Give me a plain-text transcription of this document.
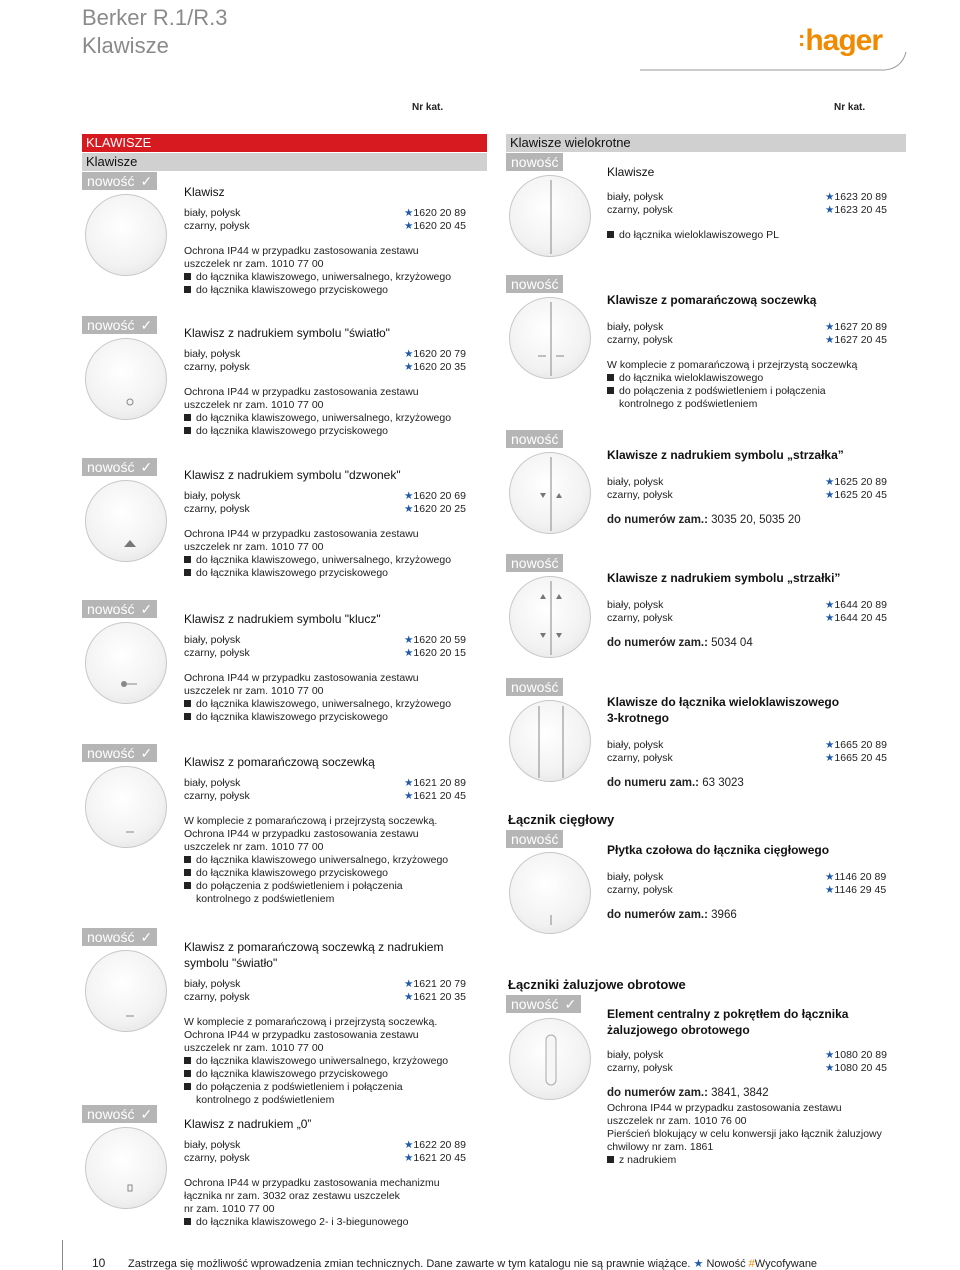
Berker R.1/R.3
Klawisze	:hager
Nr kat.	Nr kat.
10 Zastrzega się możliwość wprowadzenia zmian technicznych. Dane zawarte w tym katalogu nie są prawnie wiążące. ★ Nowość #Wycofywane
KLAWISZE
Klawisze
nowość ✓
Klawisz
biały, połysk	★1620 20 89
czarny, połysk	★1620 20 45
Ochrona IP44 w przypadku zastosowania zestawu
uszczelek nr zam. 1010 77 00
do łącznika klawiszowego, uniwersalnego, krzyżowego
do łącznika klawiszowego przyciskowego
nowość ✓	Klawisz z nadrukiem symbolu "światło"
biały, połysk	★1620 20 79
czarny, połysk	★1620 20 35
Ochrona IP44 w przypadku zastosowania zestawu
uszczelek nr zam. 1010 77 00
do łącznika klawiszowego, uniwersalnego, krzyżowego
do łącznika klawiszowego przyciskowego
nowość ✓	Klawisz z nadrukiem symbolu "dzwonek"
biały, połysk	★1620 20 69
czarny, połysk	★1620 20 25
Ochrona IP44 w przypadku zastosowania zestawu
uszczelek nr zam. 1010 77 00
do łącznika klawiszowego, uniwersalnego, krzyżowego
do łącznika klawiszowego przyciskowego
nowość ✓
Klawisz z nadrukiem symbolu "klucz"
biały, połysk	★1620 20 59
czarny, połysk	★1620 20 15
Ochrona IP44 w przypadku zastosowania zestawu
uszczelek nr zam. 1010 77 00
do łącznika klawiszowego, uniwersalnego, krzyżowego
do łącznika klawiszowego przyciskowego
nowość ✓
Klawisz z pomarańczową soczewką
biały, połysk	★1621 20 89
czarny, połysk	★1621 20 45
W komplecie z pomarańczową i przejrzystą soczewką.
Ochrona IP44 w przypadku zastosowania zestawu
uszczelek nr zam. 1010 77 00
do łącznika klawiszowego uniwersalnego, krzyżowego
do łącznika klawiszowego przyciskowego
do połączenia z podświetleniem i połączenia
kontrolnego z podświetleniem
nowość ✓
Klawisz z pomarańczową soczewką z nadrukiem
symbolu "światło"
biały, połysk	★1621 20 79
czarny, połysk	★1621 20 35
W komplecie z pomarańczową i przejrzystą soczewką.
Ochrona IP44 w przypadku zastosowania zestawu
uszczelek nr zam. 1010 77 00
do łącznika klawiszowego uniwersalnego, krzyżowego
do łącznika klawiszowego przyciskowego
do połączenia z podświetleniem i połączenia
kontrolnego z podświetleniem
nowość ✓
Klawisz z nadrukiem „0”
biały, połysk	★1622 20 89
czarny, połysk	★1621 20 45
Ochrona IP44 w przypadku zastosowania mechanizmu
łącznika nr zam. 3032 oraz zestawu uszczelek
nr zam. 1010 77 00
do łącznika klawiszowego 2- i 3-biegunowego
Klawisze wielokrotne
nowość
Klawisze
biały, połysk	★1623 20 89
czarny, połysk	★1623 20 45
do łącznika wieloklawiszowego PL
nowość
Klawisze z pomarańczową soczewką
biały, połysk	★1627 20 89
czarny, połysk	★1627 20 45
W komplecie z pomarańczową i przejrzystą soczewką
do łącznika wieloklawiszowego
do połączenia z podświetleniem i połączenia
kontrolnego z podświetleniem
nowość
Klawisze z nadrukiem symbolu „strzałka”
biały, połysk	★1625 20 89
czarny, połysk	★1625 20 45
do numerów zam.: 3035 20, 5035 20
nowość
Klawisze z nadrukiem symbolu „strzałki”
biały, połysk	★1644 20 89
czarny, połysk	★1644 20 45
do numerów zam.: 5034 04
nowość
Klawisze do łącznika wieloklawiszowego
3-krotnego
biały, połysk	★1665 20 89
czarny, połysk	★1665 20 45
do numeru zam.: 63 3023
Łącznik cięgłowy
nowość
Płytka czołowa do łącznika cięgłowego
biały, połysk	★1146 20 89
czarny, połysk	★1146 29 45
do numerów zam.: 3966
Łączniki żaluzjowe obrotowe
nowość ✓
Element centralny z pokrętłem do łącznika
żaluzjowego obrotowego
biały, połysk	★1080 20 89
czarny, połysk	★1080 20 45
do numerów zam.: 3841, 3842
Ochrona IP44 w przypadku zastosowania zestawu
uszczelek nr zam. 1010 76 00
Pierścień blokujący w celu konwersji jako łącznik żaluzjowy
chwilowy nr zam. 1861
z nadrukiem
